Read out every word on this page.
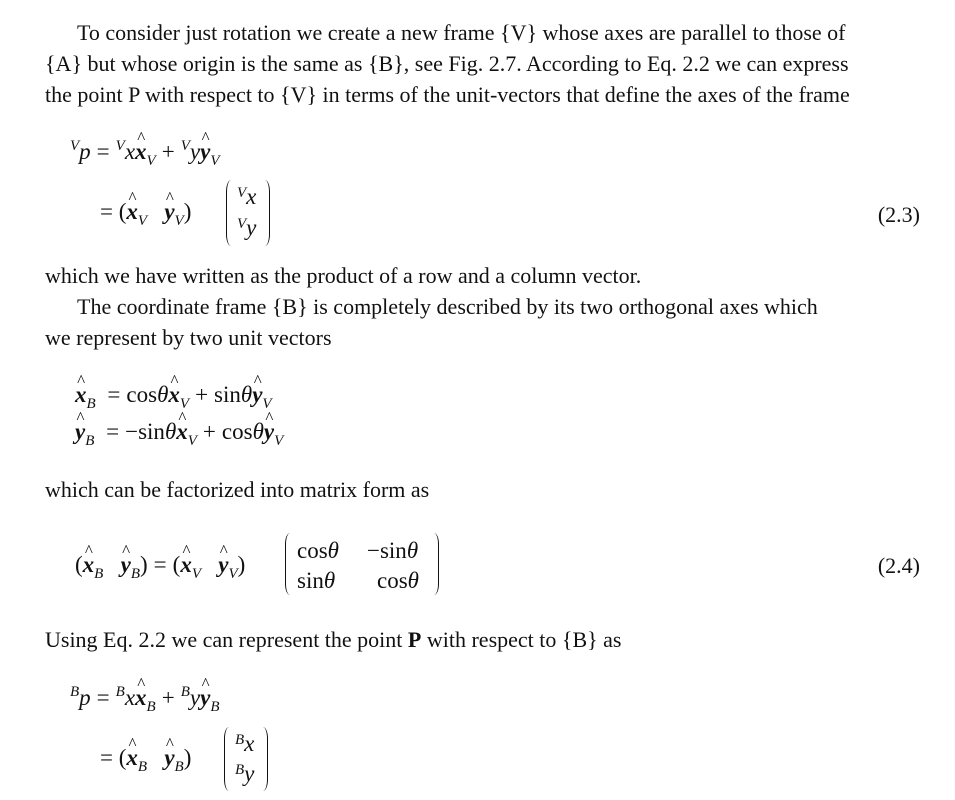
To consider just rotation we create a new frame {V} whose axes are parallel to those of
{A} but whose origin is the same as {B}, see Fig. 2.7. According to Eq. 2.2 we can express
the point P with respect to {V} in terms of the unit-vectors that define the axes of the frame

$^V$p = $^V$x^ $x_V$ + $^V$y^ $y_V$
= (^ $x_V$ ^ $y_V$)
$^V$x
$^V$y
(2.3)

which we have written as the product of a row and a column vector.

The coordinate frame {B} is completely described by its two orthogonal axes which
we represent by two unit vectors

^ $x_B$ = cosθ^ $x_V$ + sinθ^ $y_V$
^ $y_B$ = −sinθ^ $x_V$ + cosθ^ $y_V$

which can be factorized into matrix form as

(^ $x_B$ ^ $y_B$) = (^ $x_V$ ^ $y_V$)
cosθ −sinθ
sinθ cosθ
(2.4)

Using Eq. 2.2 we can represent the point P with respect to {B} as

$^B$p = $^B$x^ $x_B$ + $^B$y^ $y_B$
= (^ $x_B$ ^ $y_B$)
$^B$x
$^B$y
